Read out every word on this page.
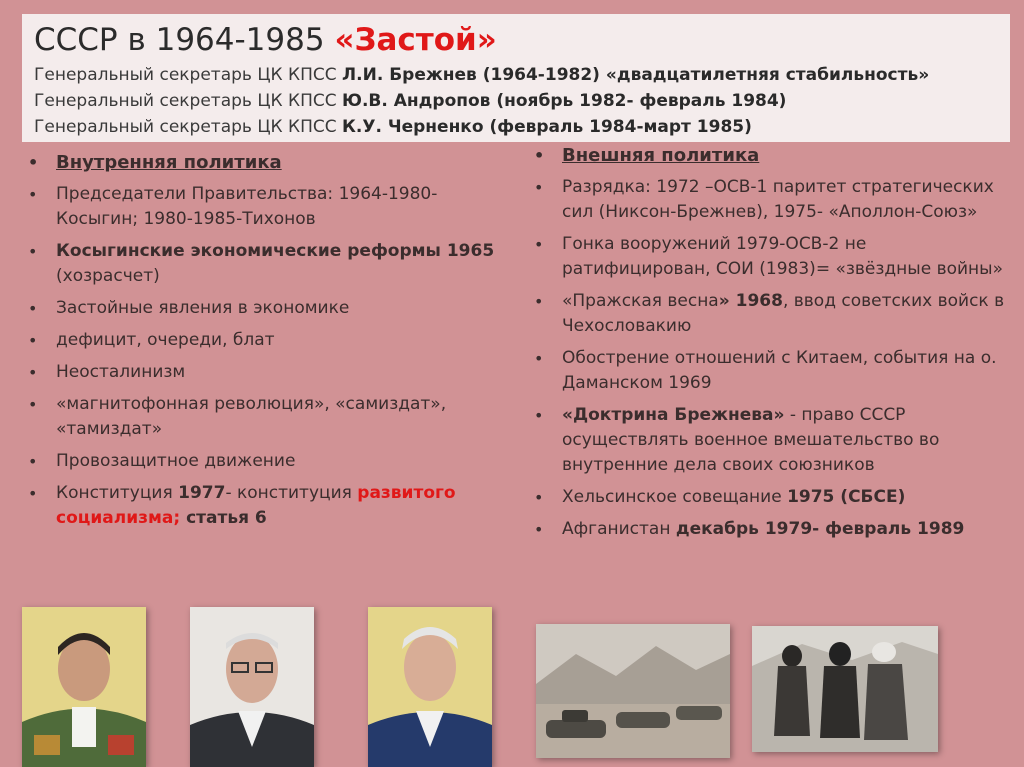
СССР в 1964-1985 «Застой»
Генеральный секретарь ЦК КПСС Л.И. Брежнев (1964-1982) «двадцатилетняя стабильность»
Генеральный секретарь ЦК КПСС Ю.В. Андропов (ноябрь 1982- февраль 1984)
Генеральный секретарь ЦК КПСС К.У. Черненко (февраль 1984-март 1985)
• Внутренняя политика
• Председатели Правительства: 1964-1980-Косыгин; 1980-1985-Тихонов
• Косыгинские экономические реформы 1965 (хозрасчет)
• Застойные явления в экономике
• дефицит, очереди, блат
• Неосталинизм
• «магнитофонная революция», «самиздат», «тамиздат»
• Провозащитное движение
• Конституция 1977- конституция развитого социализма; статья 6
• Внешняя политика
• Разрядка: 1972 –ОСВ-1 паритет стратегических сил (Никсон-Брежнев), 1975- «Аполлон-Союз»
• Гонка вооружений 1979-ОСВ-2 не ратифицирован, СОИ (1983)= «звёздные войны»
• «Пражская весна» 1968, ввод советских войск в Чехословакию
• Обострение отношений с Китаем, события на о. Даманском 1969
• «Доктрина Брежнева» - право СССР осуществлять военное вмешательство во внутренние дела своих союзников
• Хельсинское совещание 1975 (СБСЕ)
• Афганистан декабрь 1979- февраль 1989
